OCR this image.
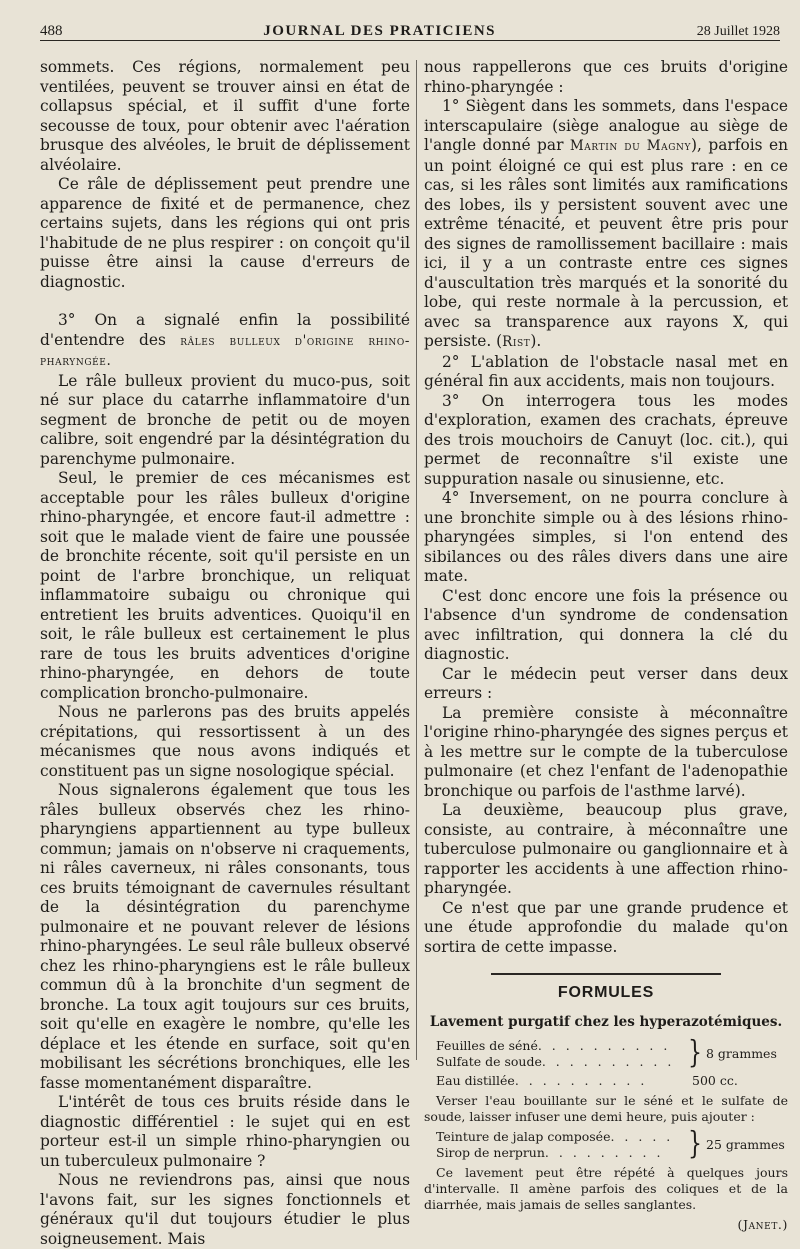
488	JOURNAL DES PRATICIENS	28 Juillet 1928

sommets. Ces régions, normalement peu ventilées, peuvent se trouver ainsi en état de collapsus spécial, et il suffit d'une forte secousse de toux, pour obtenir avec l'aération brusque des alvéoles, le bruit de déplissement alvéolaire.

Ce râle de déplissement peut prendre une apparence de fixité et de permanence, chez certains sujets, dans les régions qui ont pris l'habitude de ne plus respirer : on conçoit qu'il puisse être ainsi la cause d'erreurs de diagnostic.

3° On a signalé enfin la possibilité d'entendre des râles bulleux d'origine rhino-pharyngée.

Le râle bulleux provient du muco-pus, soit né sur place du catarrhe inflammatoire d'un segment de bronche de petit ou de moyen calibre, soit engendré par la désintégration du parenchyme pulmonaire.

Seul, le premier de ces mécanismes est acceptable pour les râles bulleux d'origine rhino-pharyngée, et encore faut-il admettre : soit que le malade vient de faire une poussée de bronchite récente, soit qu'il persiste en un point de l'arbre bronchique, un reliquat inflammatoire subaigu ou chronique qui entretient les bruits adventices. Quoiqu'il en soit, le râle bulleux est certainement le plus rare de tous les bruits adventices d'origine rhino-pharyngée, en dehors de toute complication broncho-pulmonaire.

Nous ne parlerons pas des bruits appelés crépitations, qui ressortissent à un des mécanismes que nous avons indiqués et constituent pas un signe nosologique spécial.

Nous signalerons également que tous les râles bulleux observés chez les rhino-pharyngiens appartiennent au type bulleux commun; jamais on n'observe ni craquements, ni râles caverneux, ni râles consonants, tous ces bruits témoignant de cavernules résultant de la désintégration du parenchyme pulmonaire et ne pouvant relever de lésions rhino-pharyngées. Le seul râle bulleux observé chez les rhino-pharyngiens est le râle bulleux commun dû à la bronchite d'un segment de bronche. La toux agit toujours sur ces bruits, soit qu'elle en exagère le nombre, qu'elle les déplace et les étende en surface, soit qu'en mobilisant les sécrétions bronchiques, elle les fasse momentanément disparaître.

L'intérêt de tous ces bruits réside dans le diagnostic différentiel : le sujet qui en est porteur est-il un simple rhino-pharyngien ou un tuberculeux pulmonaire ?

Nous ne reviendrons pas, ainsi que nous l'avons fait, sur les signes fonctionnels et généraux qu'il dut toujours étudier le plus soigneusement. Mais

nous rappellerons que ces bruits d'origine rhino-pharyngée :

1° Siègent dans les sommets, dans l'espace interscapulaire (siège analogue au siège de l'angle donné par Martin du Magny), parfois en un point éloigné ce qui est plus rare : en ce cas, si les râles sont limités aux ramifications des lobes, ils y persistent souvent avec une extrême ténacité, et peuvent être pris pour des signes de ramollissement bacillaire : mais ici, il y a un contraste entre ces signes d'auscultation très marqués et la sonorité du lobe, qui reste normale à la percussion, et avec sa transparence aux rayons X, qui persiste. (Rist).

2° L'ablation de l'obstacle nasal met en général fin aux accidents, mais non toujours.

3° On interrogera tous les modes d'exploration, examen des crachats, épreuve des trois mouchoirs de Canuyt (loc. cit.), qui permet de reconnaître s'il existe une suppuration nasale ou sinusienne, etc.

4° Inversement, on ne pourra conclure à une bronchite simple ou à des lésions rhino-pharyngées simples, si l'on entend des sibilances ou des râles divers dans une aire mate.

C'est donc encore une fois la présence ou l'absence d'un syndrome de condensation avec infiltration, qui donnera la clé du diagnostic.

Car le médecin peut verser dans deux erreurs :

La première consiste à méconnaître l'origine rhino-pharyngée des signes perçus et à les mettre sur le compte de la tuberculose pulmonaire (et chez l'enfant de l'adenopathie bronchique ou parfois de l'asthme larvé).

La deuxième, beaucoup plus grave, consiste, au contraire, à méconnaître une tuberculose pulmonaire ou ganglionnaire et à rapporter les accidents à une affection rhino-pharyngée.

Ce n'est que par une grande prudence et une étude approfondie du malade qu'on sortira de cette impasse.

FORMULES
Lavement purgatif chez les hyperazotémiques.
Feuilles de séné . . . . . . . . . .
Sulfate de soude . . . . . . . . . . } 8 grammes
Eau distillée . . . . . . . . . .	500 cc.
Verser l'eau bouillante sur le séné et le sulfate de soude, laisser infuser une demi heure, puis ajouter :
Teinture de jalap composée . . . . .
Sirop de nerprun . . . . . . . . .	} 25 grammes
Ce lavement peut être répété à quelques jours d'intervalle. Il amène parfois des coliques et de la diarrhée, mais jamais de selles sanglantes.
(Janet.)
